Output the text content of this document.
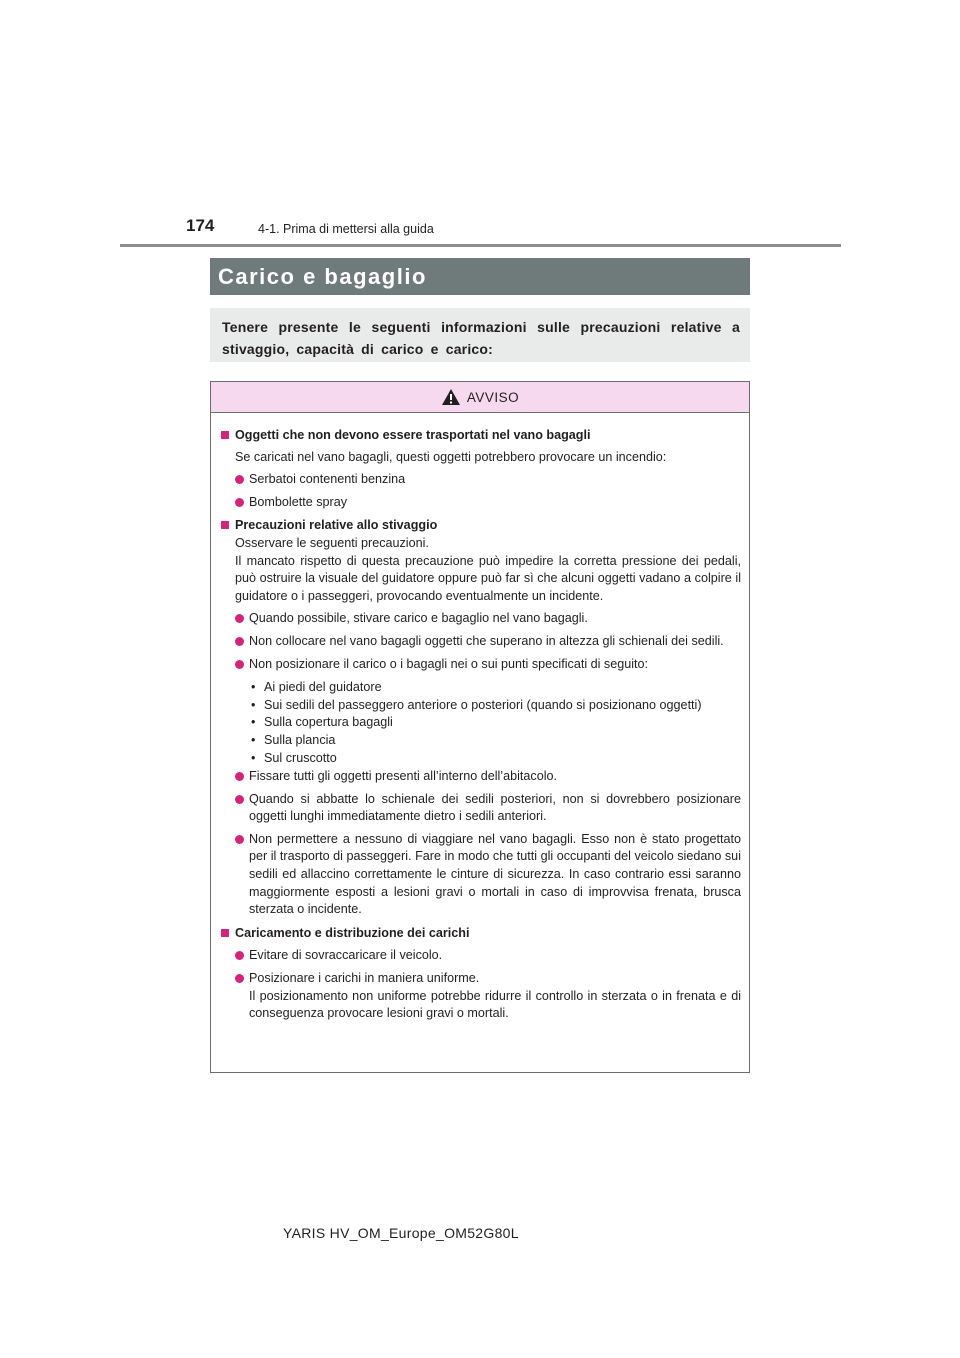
174	4-1. Prima di mettersi alla guida
Carico e bagaglio
Tenere presente le seguenti informazioni sulle precauzioni relative a stivaggio, capacità di carico e carico:
AVVISO
Oggetti che non devono essere trasportati nel vano bagagli
Se caricati nel vano bagagli, questi oggetti potrebbero provocare un incendio:
Serbatoi contenenti benzina
Bombolette spray
Precauzioni relative allo stivaggio
Osservare le seguenti precauzioni.
Il mancato rispetto di questa precauzione può impedire la corretta pressione dei pedali, può ostruire la visuale del guidatore oppure può far sì che alcuni oggetti vadano a colpire il guidatore o i passeggeri, provocando eventualmente un incidente.
Quando possibile, stivare carico e bagaglio nel vano bagagli.
Non collocare nel vano bagagli oggetti che superano in altezza gli schienali dei sedili.
Non posizionare il carico o i bagagli nei o sui punti specificati di seguito:
• Ai piedi del guidatore
• Sui sedili del passeggero anteriore o posteriori (quando si posizionano oggetti)
• Sulla copertura bagagli
• Sulla plancia
• Sul cruscotto
Fissare tutti gli oggetti presenti all’interno dell’abitacolo.
Quando si abbatte lo schienale dei sedili posteriori, non si dovrebbero posizionare oggetti lunghi immediatamente dietro i sedili anteriori.
Non permettere a nessuno di viaggiare nel vano bagagli. Esso non è stato progettato per il trasporto di passeggeri. Fare in modo che tutti gli occupanti del veicolo siedano sui sedili ed allaccino correttamente le cinture di sicurezza. In caso contrario essi saranno maggiormente esposti a lesioni gravi o mortali in caso di improvvisa frenata, brusca sterzata o incidente.
Caricamento e distribuzione dei carichi
Evitare di sovraccaricare il veicolo.
Posizionare i carichi in maniera uniforme.
Il posizionamento non uniforme potrebbe ridurre il controllo in sterzata o in frenata e di conseguenza provocare lesioni gravi o mortali.
YARIS HV_OM_Europe_OM52G80L
